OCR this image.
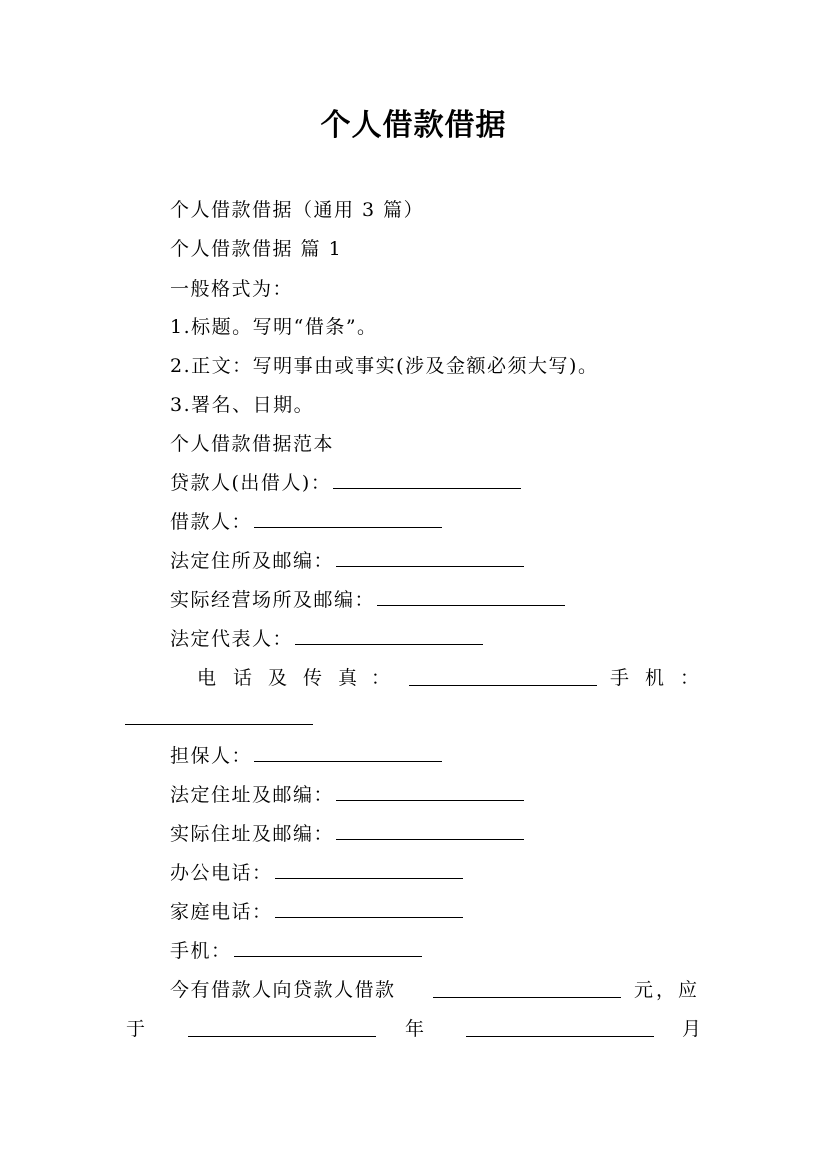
个人借款借据
个人借款借据（通用 3 篇）
个人借款借据 篇 1
一般格式为：
1.标题。写明“借条”。
2.正文：写明事由或事实(涉及金额必须大写)。
3.署名、日期。
个人借款借据范本
贷款人(出借人)：
借款人：
法定住所及邮编：
实际经营场所及邮编：
法定代表人：
电 话 及 传 真 ：	手 机 ：
担保人：
法定住址及邮编：
实际住址及邮编：
办公电话：
家庭电话：
手机：
今有借款人向贷款人借款	元，应
于	年	月
